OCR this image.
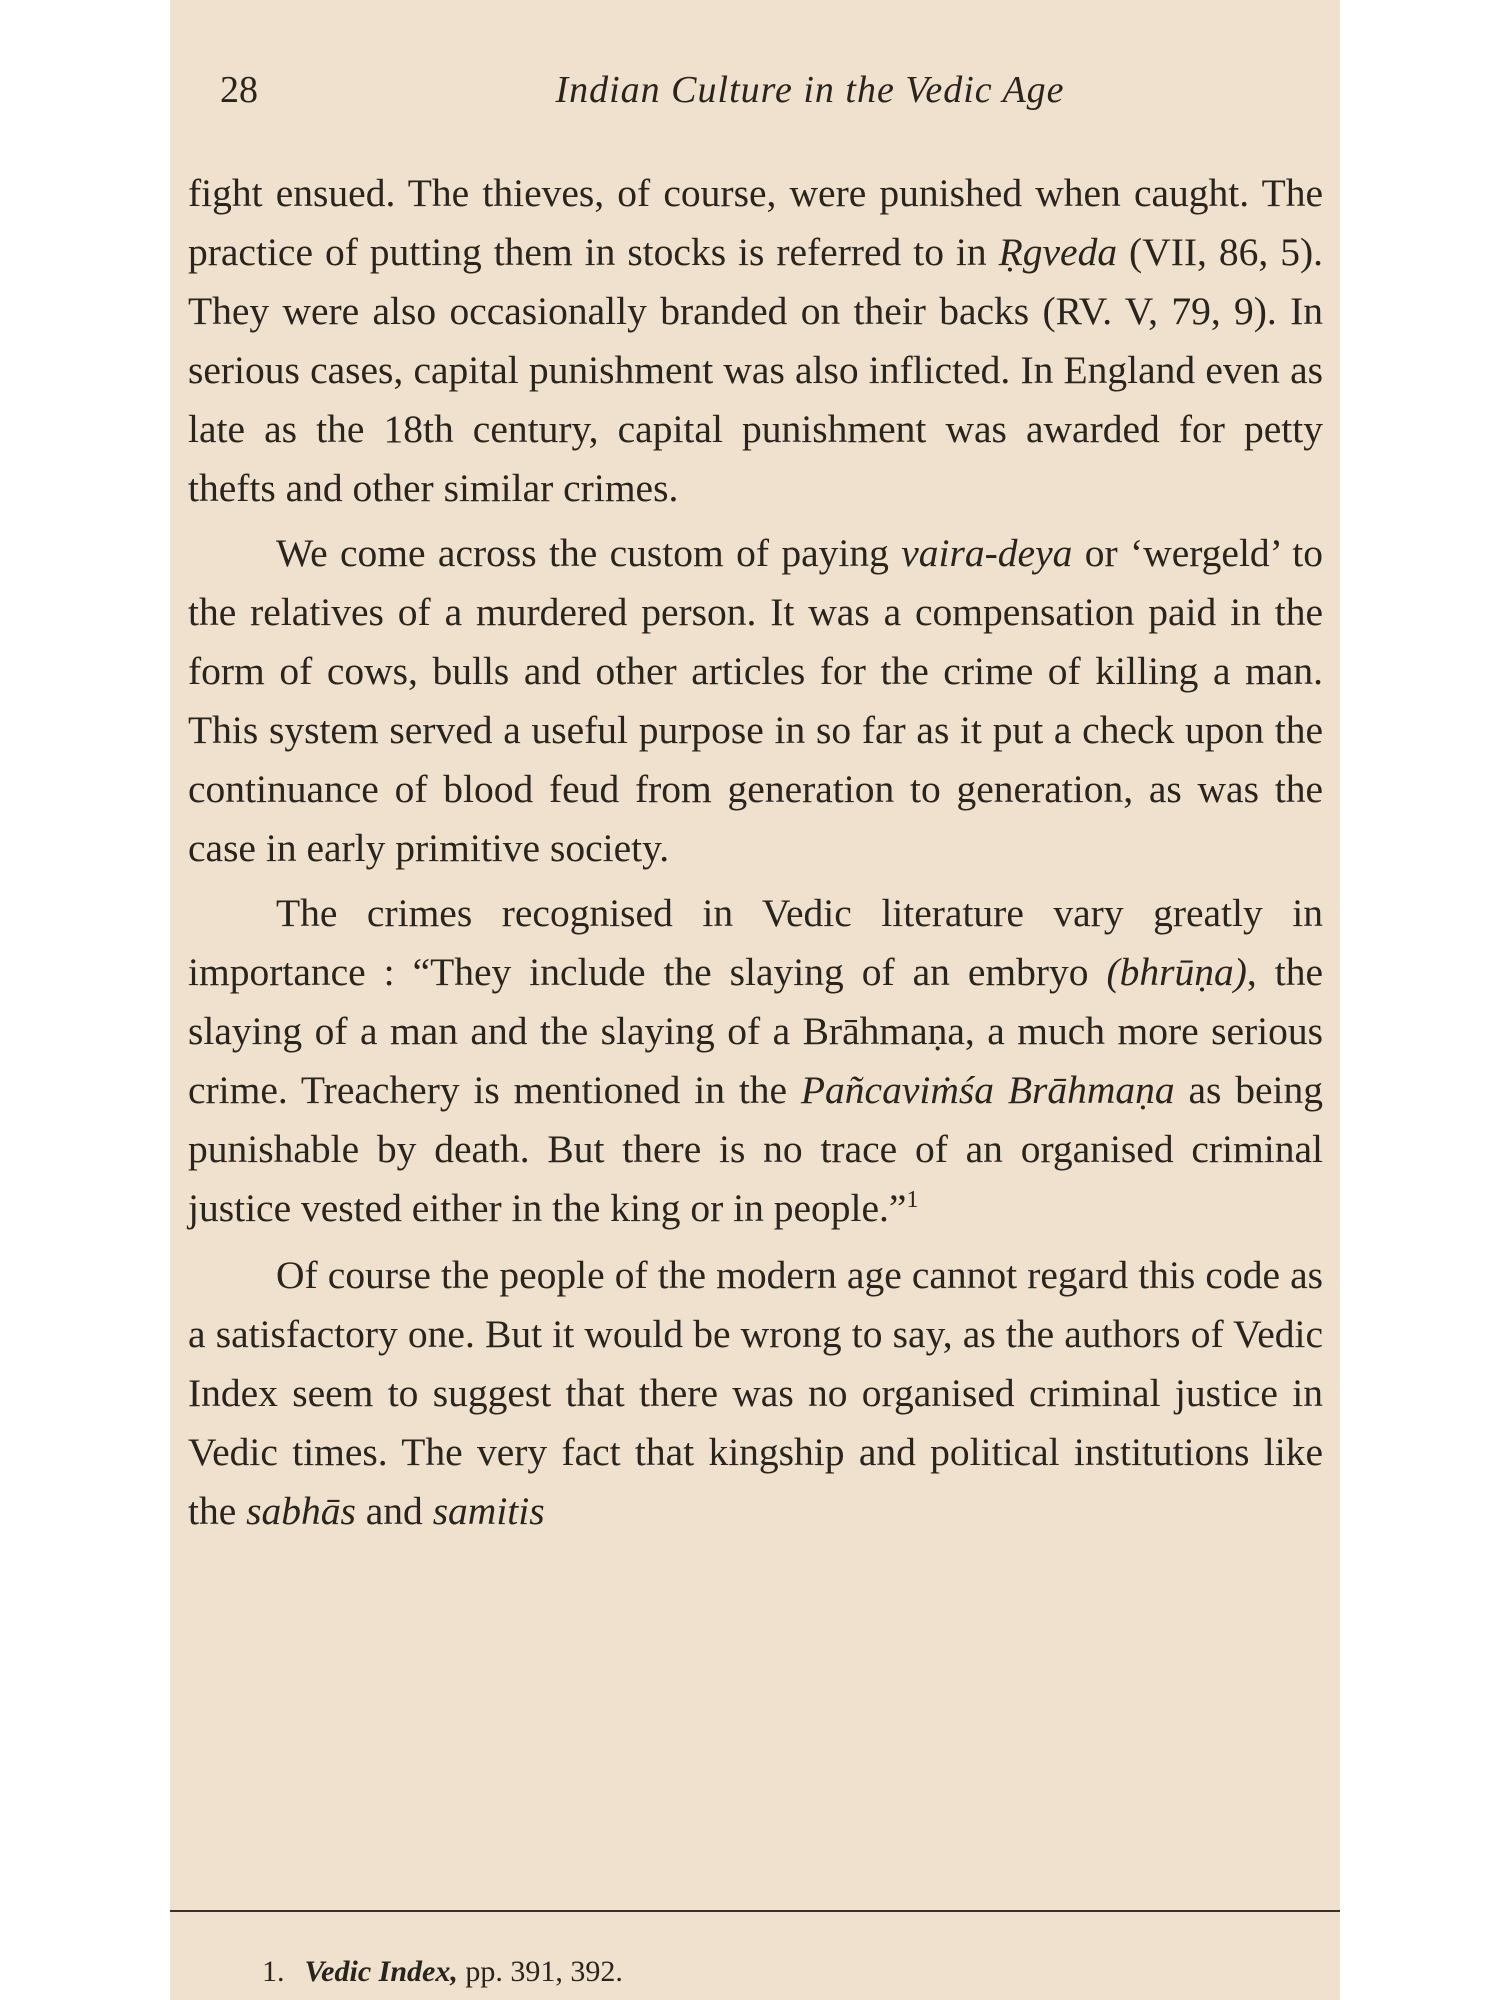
28	Indian Culture in the Vedic Age

fight ensued. The thieves, of course, were punished when caught. The practice of putting them in stocks is referred to in Ṛgveda (VII, 86, 5). They were also occasionally branded on their backs (RV. V, 79, 9). In serious cases, capital punishment was also inflicted. In England even as late as the 18th century, capital punishment was awarded for petty thefts and other similar crimes.

We come across the custom of paying vaira-deya or ‘wergeld’ to the relatives of a murdered person. It was a compensation paid in the form of cows, bulls and other articles for the crime of killing a man. This system served a useful purpose in so far as it put a check upon the continuance of blood feud from generation to generation, as was the case in early primitive society.

The crimes recognised in Vedic literature vary greatly in importance : “They include the slaying of an embryo (bhrūṇa), the slaying of a man and the slaying of a Brāhmaṇa, a much more serious crime. Treachery is mentioned in the Pañcaviṁśa Brāhmaṇa as being punishable by death. But there is no trace of an organised criminal justice vested either in the king or in people.”$^1$

Of course the people of the modern age cannot regard this code as a satisfactory one. But it would be wrong to say, as the authors of Vedic Index seem to suggest that there was no organised criminal justice in Vedic times. The very fact that kingship and political institutions like the sabhās and samitis

1. Vedic Index, pp. 391, 392.
